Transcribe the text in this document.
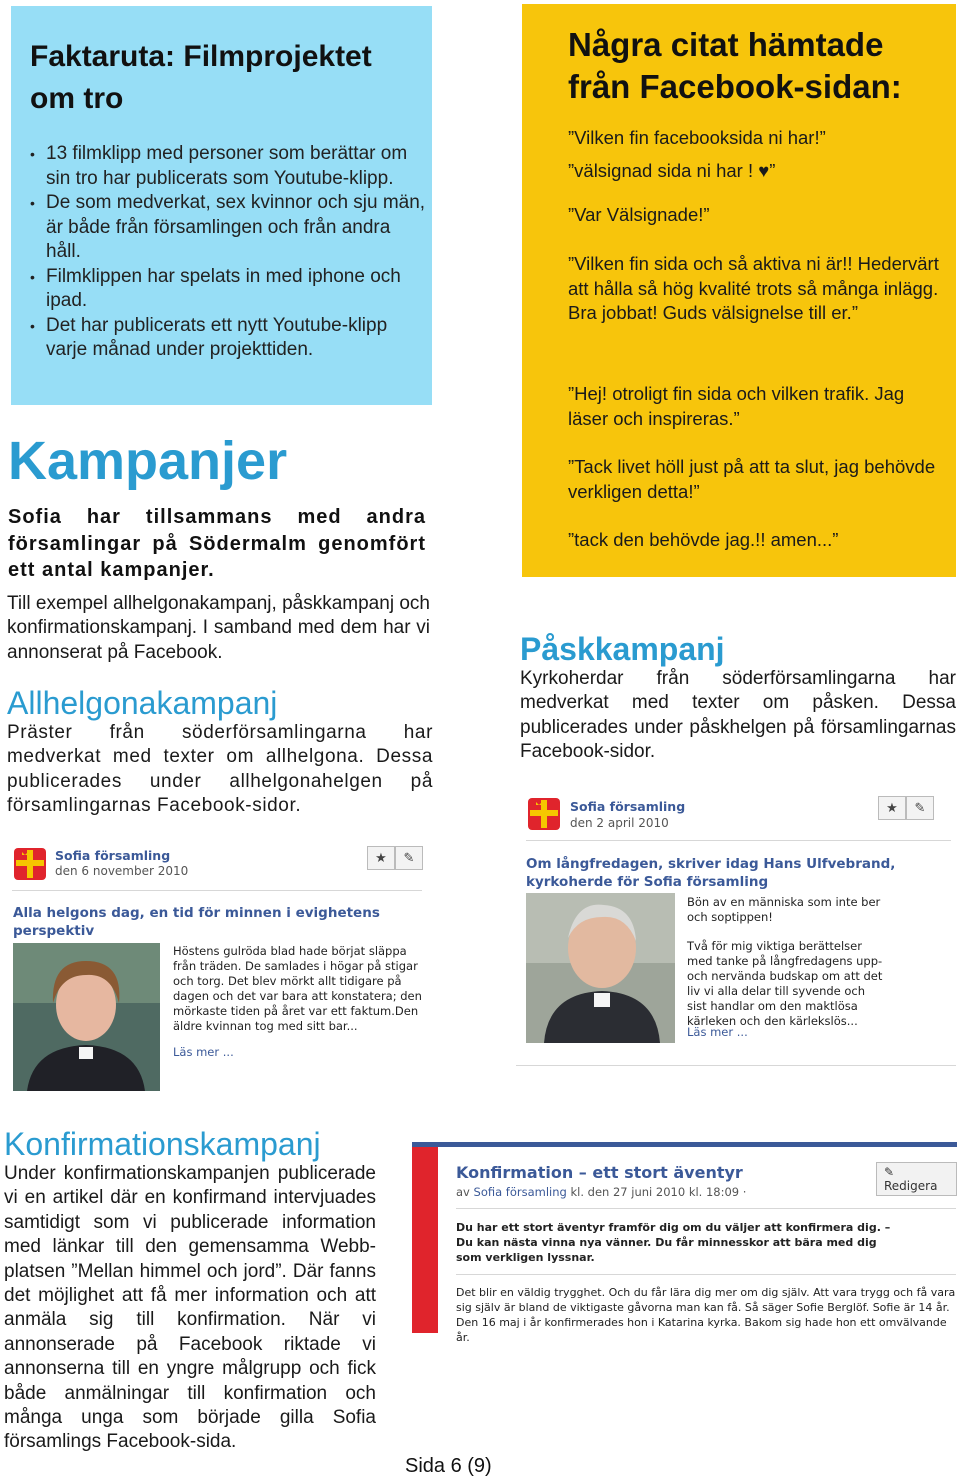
Faktaruta: Filmprojektet om tro
• 13 filmklipp med personer som berättar om sin tro har publicerats som Youtube-klipp.
• De som medverkat, sex kvinnor och sju män, är både från församlingen och från andra håll.
• Filmklippen har spelats in med iphone och ipad.
• Det har publicerats ett nytt Youtube-klipp varje månad under projekttiden.
Några citat hämtade från Facebook-sidan:

”Vilken fin facebooksida ni har!”

”välsignad sida ni har ! ♥”

”Var Välsignade!”

”Vilken fin sida och så aktiva ni är!! Hedervärt att hålla så hög kvalité trots så många inlägg. Bra jobbat! Guds välsignelse till er.”

”Hej! otroligt fin sida och vilken trafik. Jag läser och inspireras.”

”Tack livet höll just på att ta slut, jag behövde verkligen detta!”

”tack den behövde jag.!! amen...”

Kampanjer

Sofia har tillsammans med andra församlingar på Södermalm genomfört ett antal kampanjer.

Till exempel allhelgonakampanj, påskkampanj och konfirmationskampanj. I samband med dem har vi annonserat på Facebook.

Allhelgonakampanj

Präster från söderförsamlingarna har medverkat med texter om allhelgona. Dessa publicerades under allhelgonahelgen på församlingarnas Facebook-sidor.

Påskkampanj

Kyrkoherdar från söderförsamlingarna har medverkat med texter om påsken. Dessa publicerades under påskhelgen på församlingarnas Facebook-sidor.

Sofia församling
den 2 april 2010
★	✎
Om långfredagen, skriver idag Hans Ulfvebrand, kyrkoherde för Sofia församling
Bön av en människa som inte ber och soptippen!
Två för mig viktiga berättelser med tanke på långfredagens upp- och nervända budskap om att det liv vi alla delar till syvende och sist handlar om den maktlösa kärleken och den kärlekslös...
Läs mer ...
Sofia församling
den 6 november 2010
★	✎
Alla helgons dag, en tid för minnen i evighetens perspektiv
Höstens gulröda blad hade börjat släppa från träden. De samlades i högar på stigar och torg. Det blev mörkt allt tidigare på dagen och det var bara att konstatera; den mörkaste tiden på året var ett faktum.Den äldre kvinnan tog med sitt bar...
Läs mer ...
Konfirmationskampanj

Under konfirmationskampanjen publicerade vi en artikel där en konfirmand intervjuades samtidigt som vi publicerade information med länkar till den gemensamma Webb-platsen ”Mellan himmel och jord”. Där fanns det möjlighet att få mer information och att anmäla sig till konfirmation. När vi annonserade på Facebook riktade vi annonserna till en yngre målgrupp och fick både anmälningar till konfirmation och många unga som började gilla Sofia församlings Facebook-sida.

Konfirmation – ett stort äventyr
av Sofia församling kl. den 27 juni 2010 kl. 18:09 ·
✎ Redigera
Du har ett stort äventyr framför dig om du väljer att konfirmera dig. – Du kan nästa vinna nya vänner. Du får minnesskor att bära med dig som verkligen lyssnar.
Det blir en väldig trygghet. Och du får lära dig mer om dig själv. Att vara trygg och få vara sig själv är bland de viktigaste gåvorna man kan få. Så säger Sofie Berglöf. Sofie är 14 år. Den 16 maj i år konfirmerades hon i Katarina kyrka. Bakom sig hade hon ett omvälvande år.
Sida 6 (9)
